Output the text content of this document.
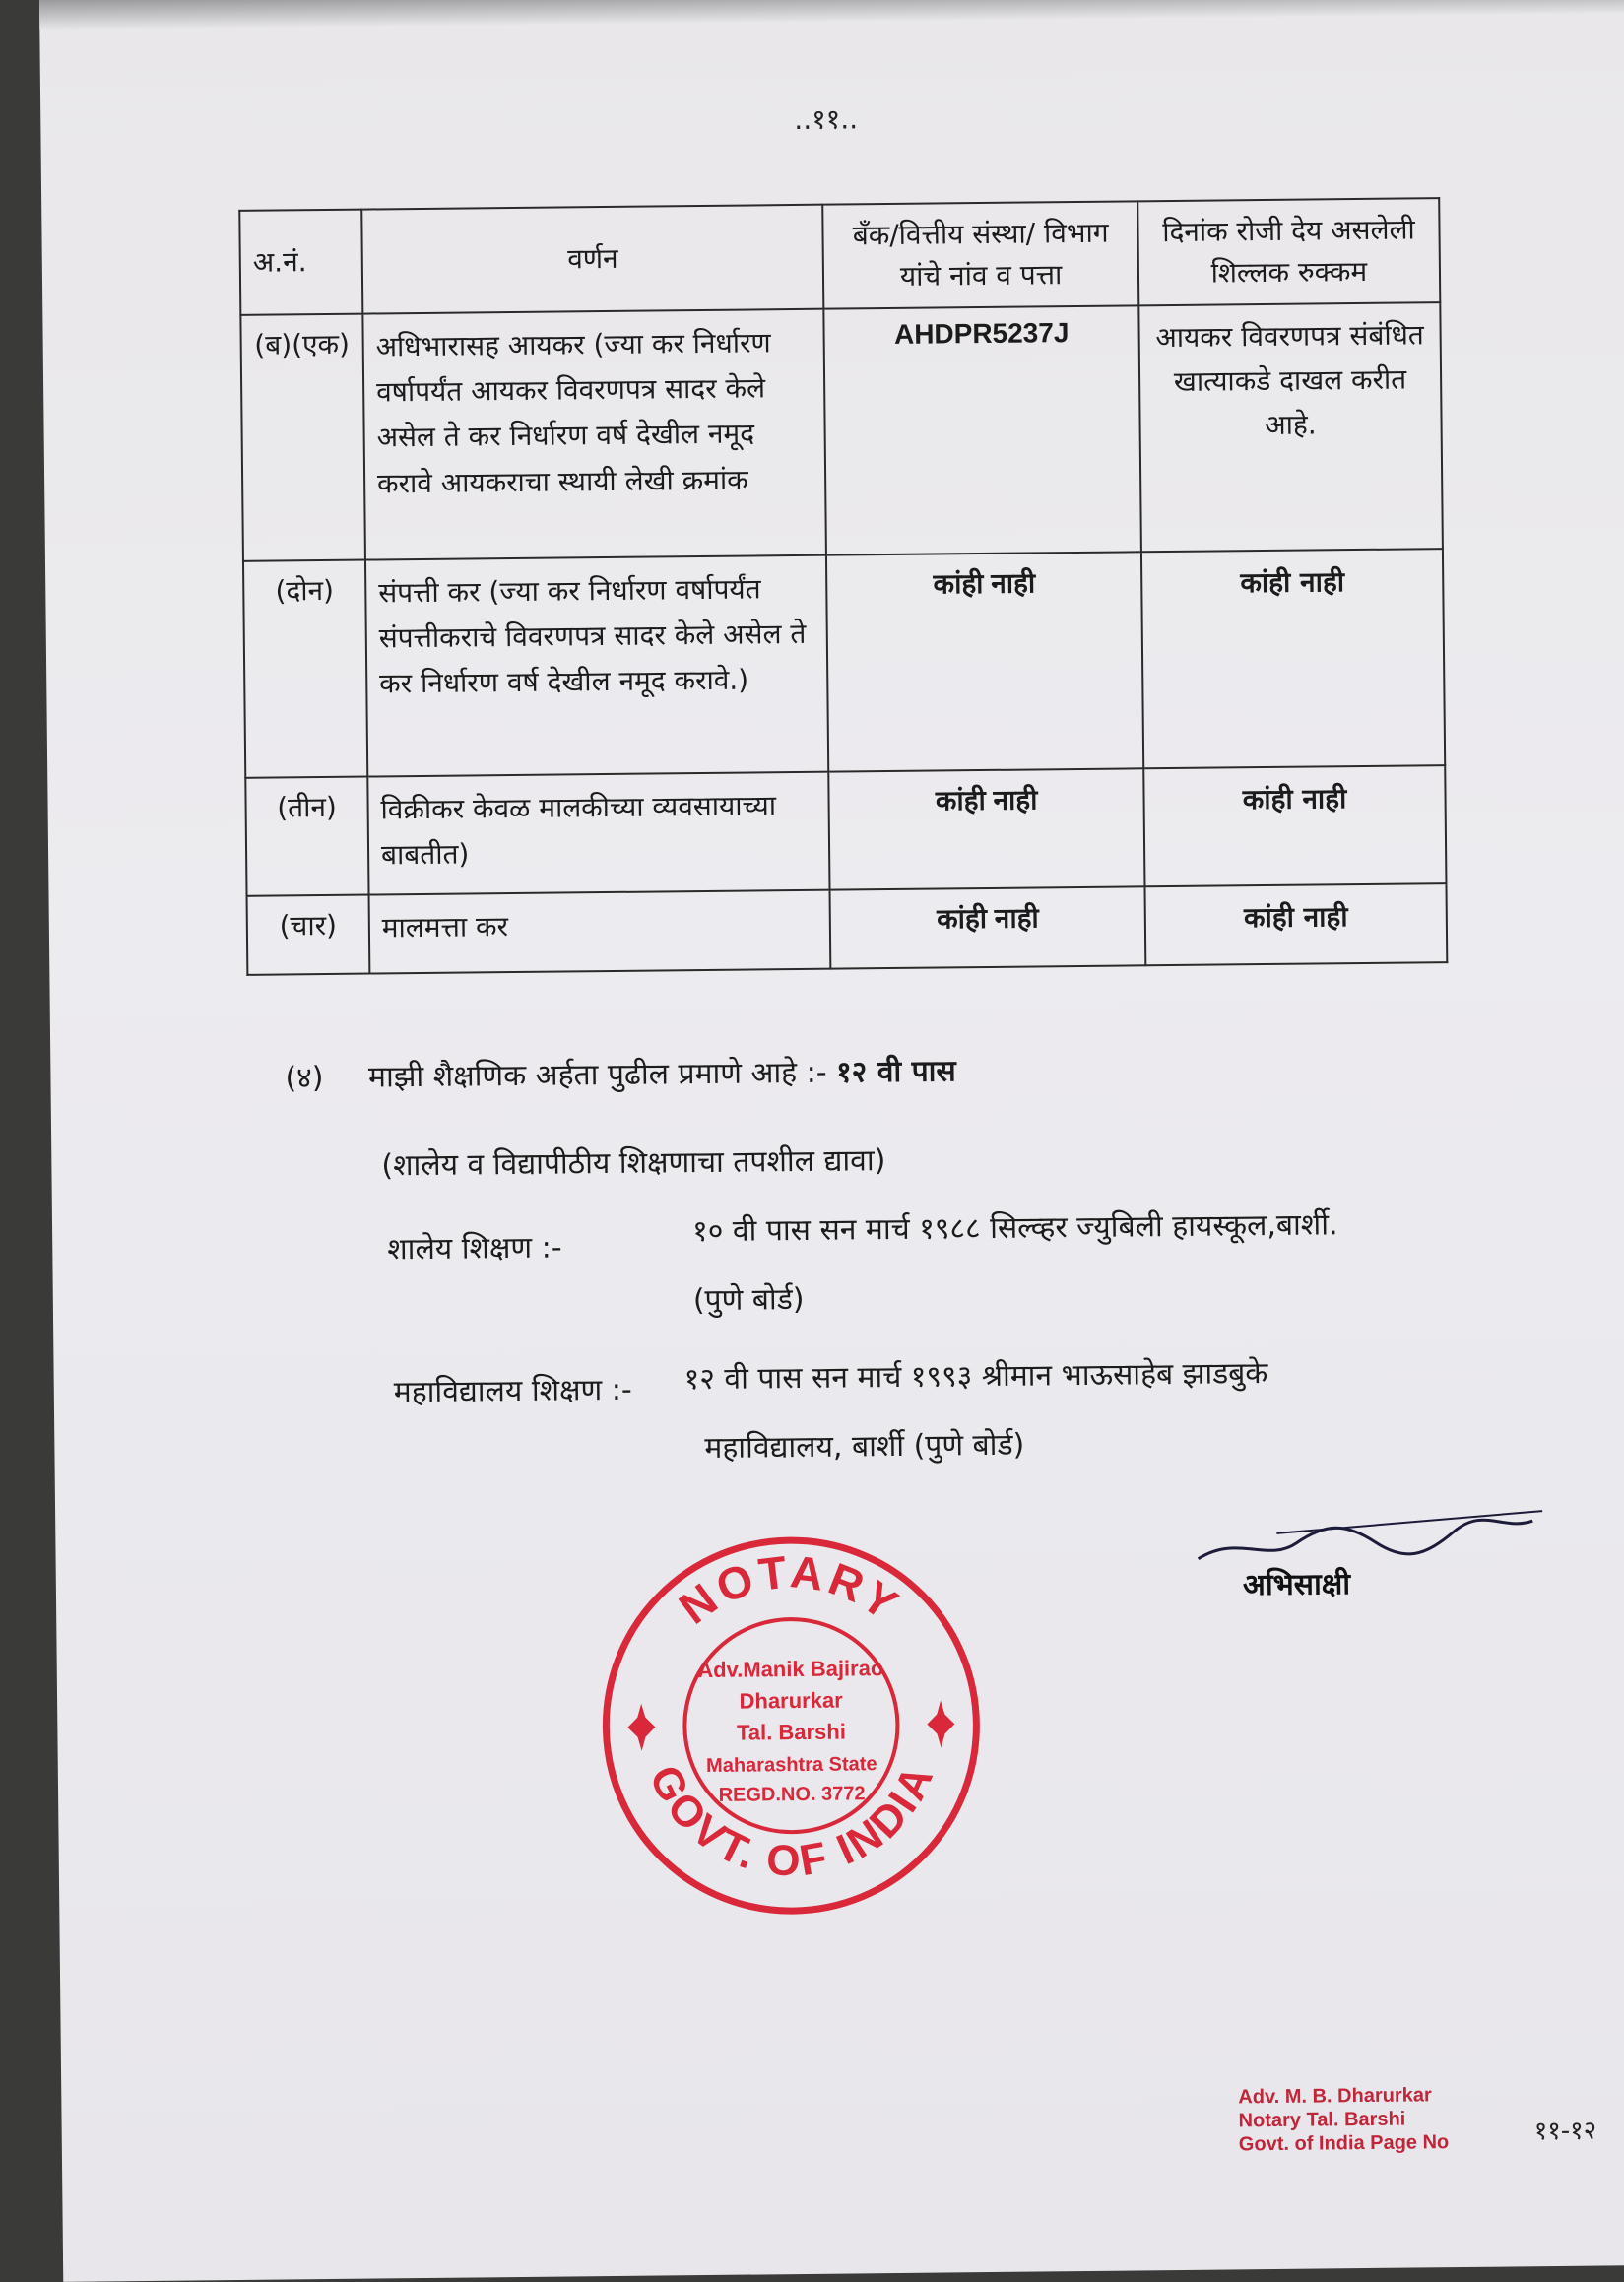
..११..
अ.नं.	वर्णन	बँक/वित्तीय संस्था/ विभाग यांचे नांव व पत्ता	दिनांक रोजी देय असलेली शिल्लक रुक्कम
(ब)(एक)	अधिभारासह आयकर (ज्या कर निर्धारण वर्षापर्यंत आयकर विवरणपत्र सादर केले असेल ते कर निर्धारण वर्ष देखील नमूद करावे आयकराचा स्थायी लेखी क्रमांक	AHDPR5237J	आयकर विवरणपत्र संबंधित खात्याकडे दाखल करीत आहे.
(दोन)	संपत्ती कर (ज्या कर निर्धारण वर्षापर्यंत संपत्तीकराचे विवरणपत्र सादर केले असेल ते कर निर्धारण वर्ष देखील नमूद करावे.)	कांही नाही	कांही नाही
(तीन)	विक्रीकर केवळ मालकीच्या व्यवसायाच्या बाबतीत)	कांही नाही	कांही नाही
(चार)	मालमत्ता कर	कांही नाही	कांही नाही
(४) माझी शैक्षणिक अर्हता पुढील प्रमाणे आहे :- १२ वी पास
(शालेय व विद्यापीठीय शिक्षणाचा तपशील द्यावा)
शालेय शिक्षण :-	१० वी पास सन मार्च १९८८ सिल्व्हर ज्युबिली हायस्कूल,बार्शी.
(पुणे बोर्ड)
महाविद्यालय शिक्षण :- १२ वी पास सन मार्च १९९३ श्रीमान भाऊसाहेब झाडबुके
महाविद्यालय, बार्शी (पुणे बोर्ड)
NOTARY
GOVT. OF INDIA
Adv.Manik Bajirao
Dharurkar
Tal. Barshi
Maharashtra State
REGD.NO. 3772
अभिसाक्षी
Adv. M. B. Dharurkar
Notary Tal. Barshi
Govt. of India Page No	११-१२
